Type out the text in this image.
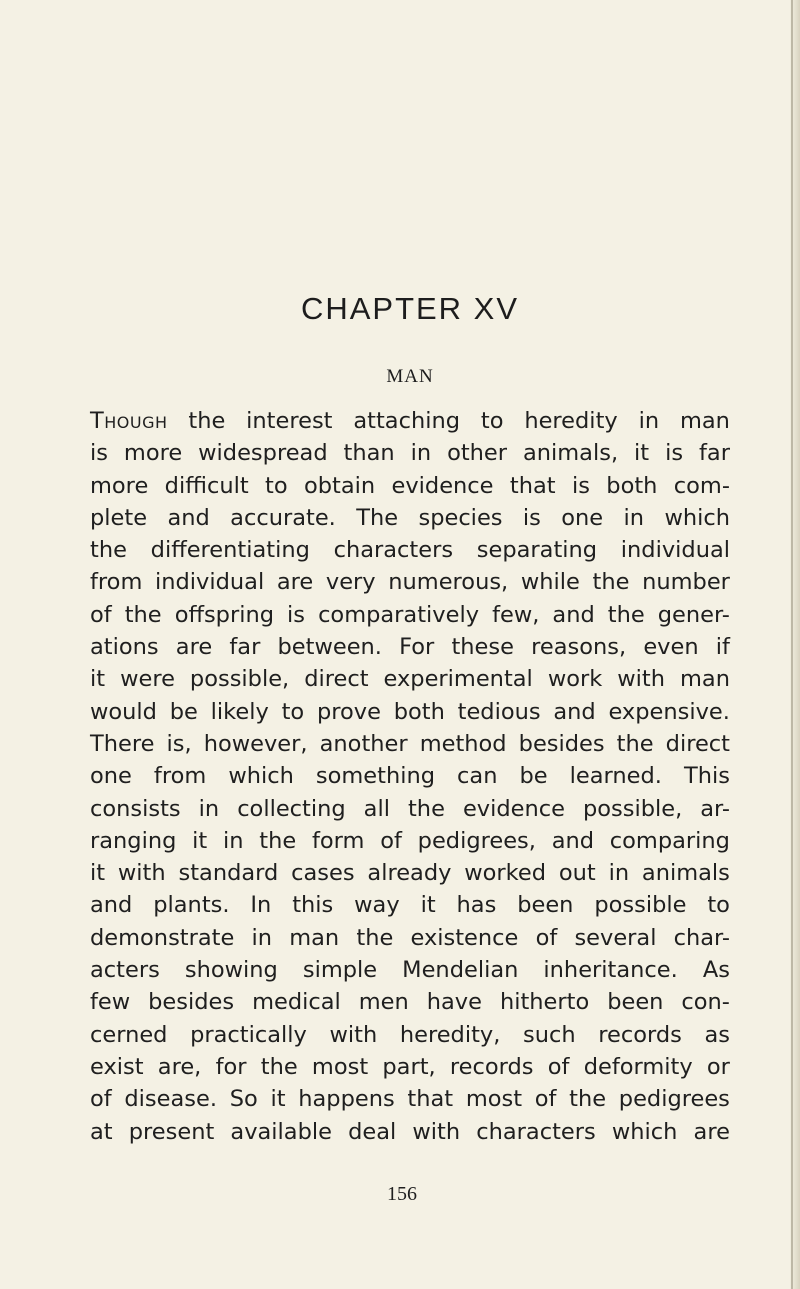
CHAPTER XV
MAN
Though the interest attaching to heredity in man
is more widespread than in other animals, it is far
more difficult to obtain evidence that is both com-
plete and accurate. The species is one in which
the differentiating characters separating individual
from individual are very numerous, while the number
of the offspring is comparatively few, and the gener-
ations are far between. For these reasons, even if
it were possible, direct experimental work with man
would be likely to prove both tedious and expensive.
There is, however, another method besides the direct
one from which something can be learned. This
consists in collecting all the evidence possible, ar-
ranging it in the form of pedigrees, and comparing
it with standard cases already worked out in animals
and plants. In this way it has been possible to
demonstrate in man the existence of several char-
acters showing simple Mendelian inheritance. As
few besides medical men have hitherto been con-
cerned practically with heredity, such records as
exist are, for the most part, records of deformity or
of disease. So it happens that most of the pedigrees
at present available deal with characters which are
156
